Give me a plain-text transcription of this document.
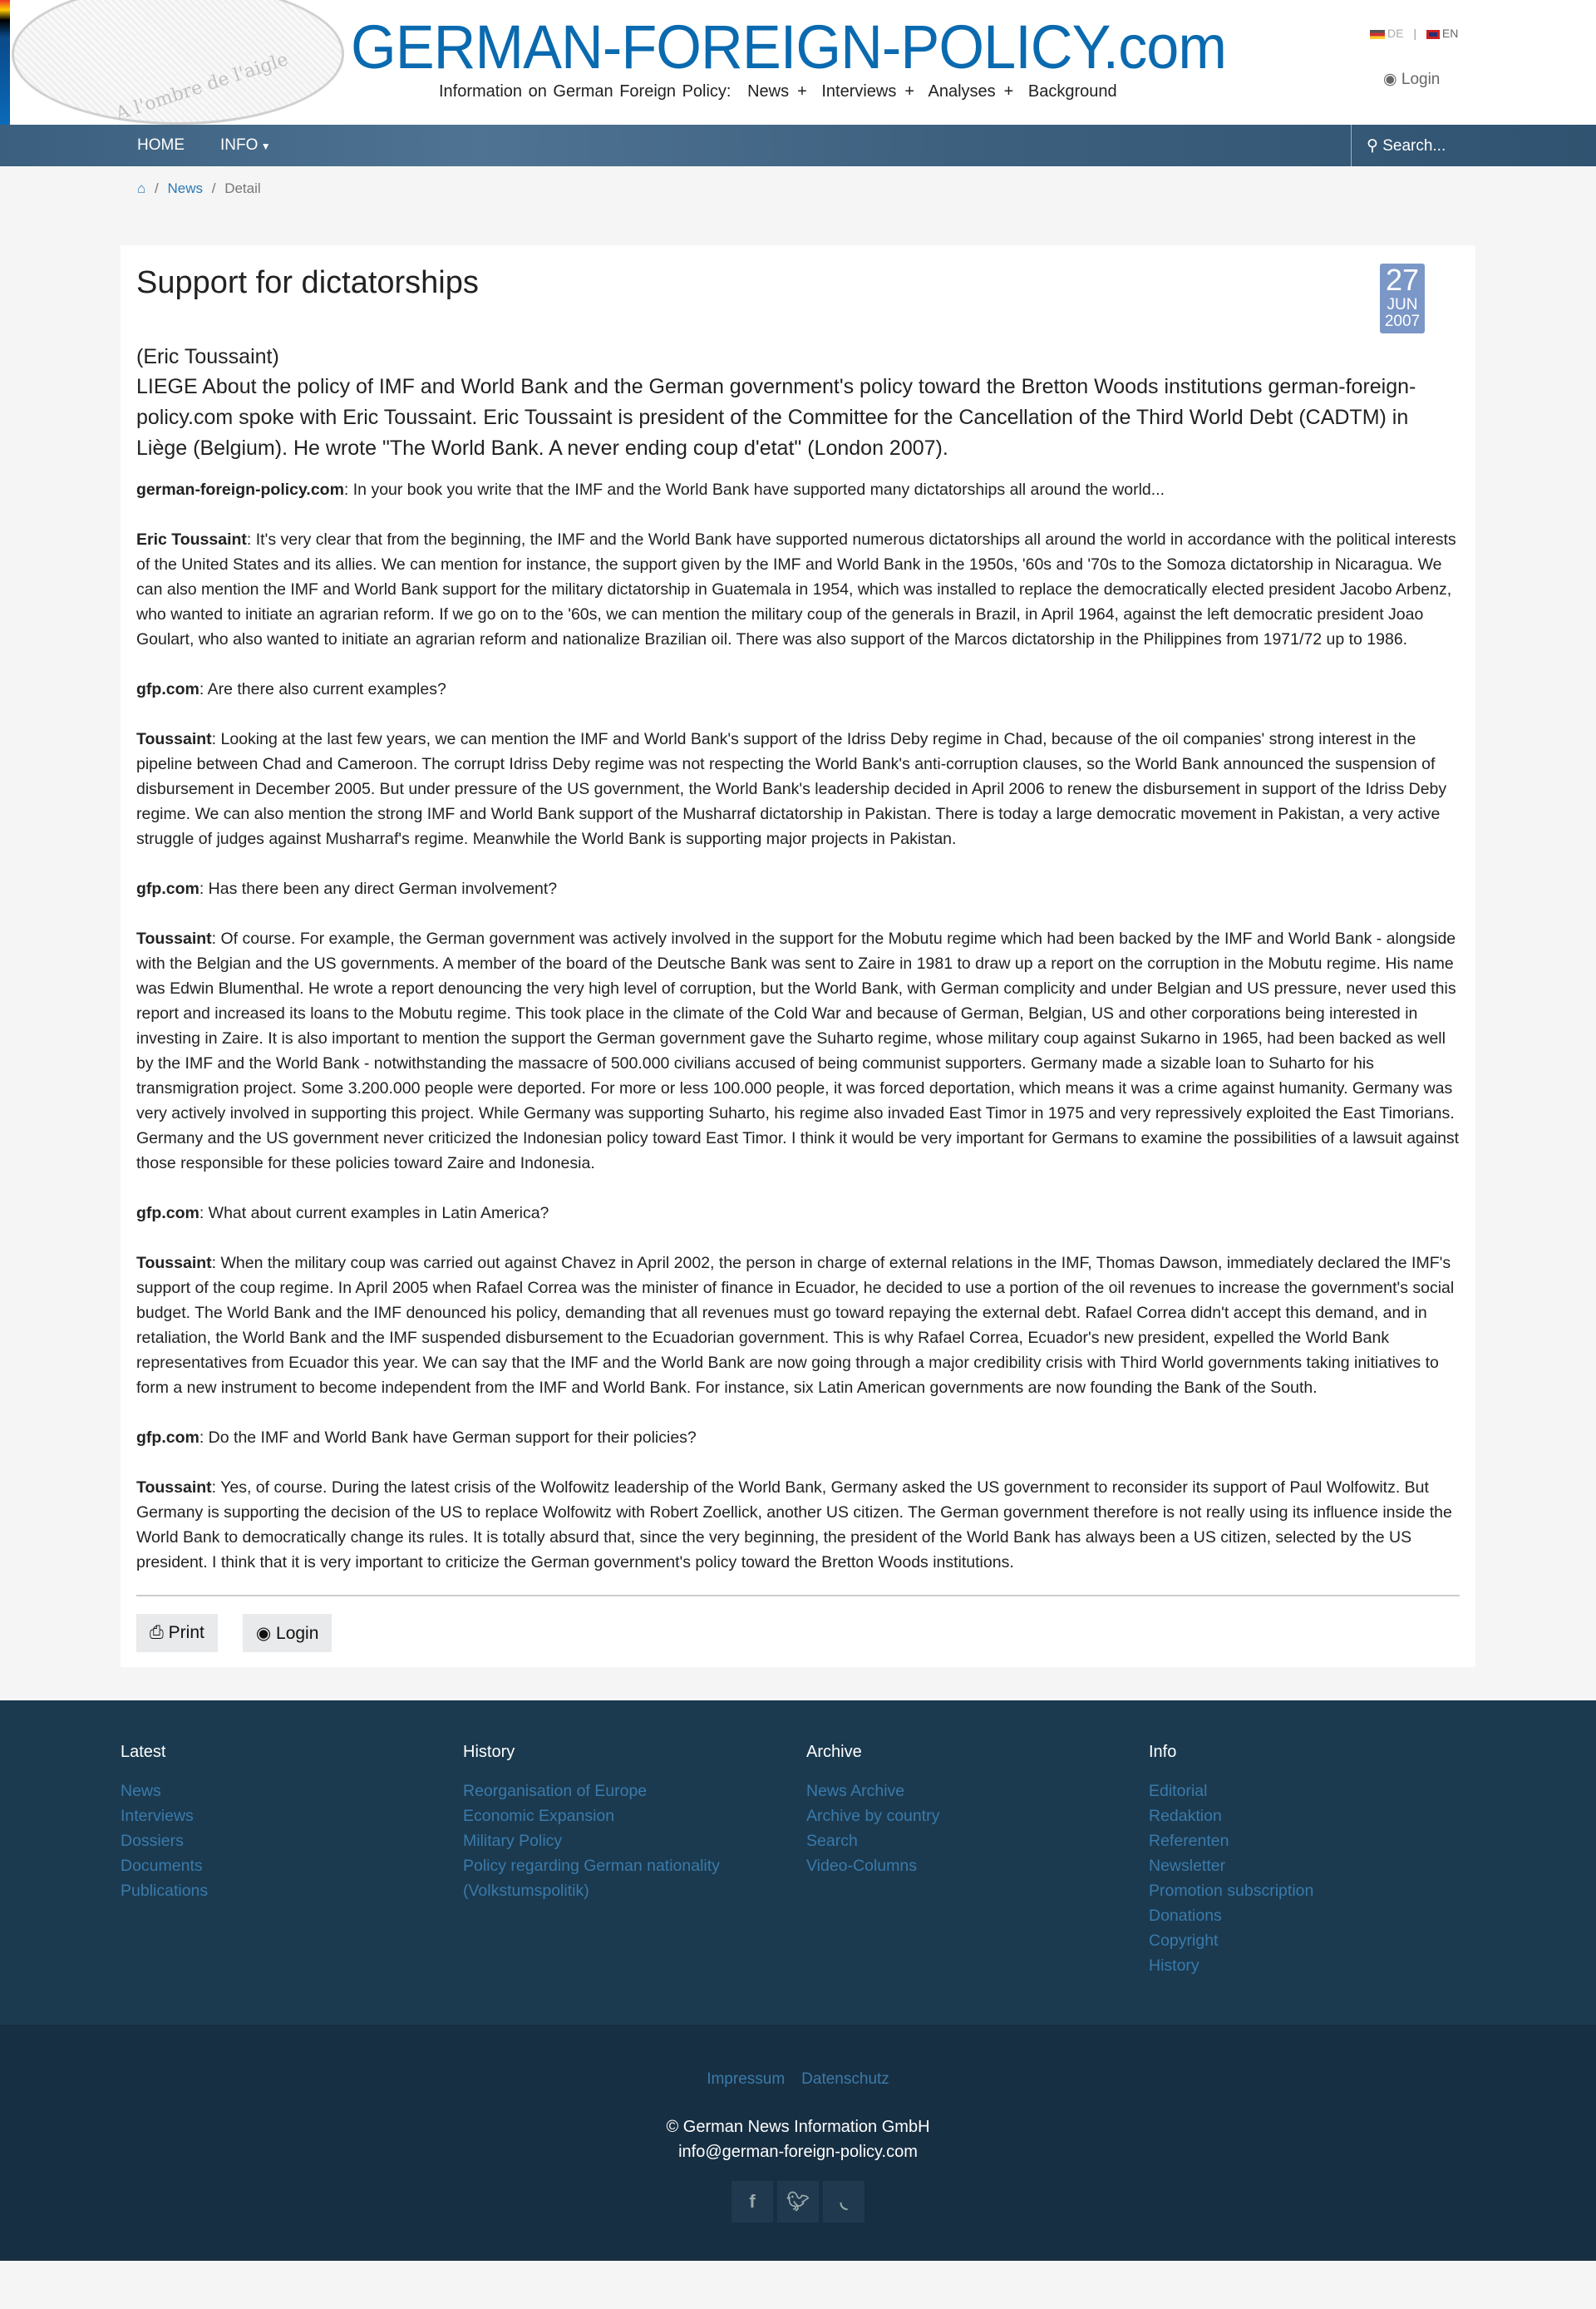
A l'ombre de l'aigle
GERMAN-FOREIGN-POLICY.com
Information on German Foreign Policy: News + Interviews + Analyses + Background
DE | EN
◉ Login
HOME INFO ▼	⚲ Search...
⌂ / News / Detail
Support for dictatorships	27
JUN
2007
(Eric Toussaint)
LIEGE About the policy of IMF and World Bank and the German government's policy toward the Bretton Woods institutions german-foreign-policy.com spoke with Eric Toussaint. Eric Toussaint is president of the Committee for the Cancellation of the Third World Debt (CADTM) in Liège (Belgium). He wrote "The World Bank. A never ending coup d'etat" (London 2007).

german-foreign-policy.com: In your book you write that the IMF and the World Bank have supported many dictatorships all around the world...

Eric Toussaint: It's very clear that from the beginning, the IMF and the World Bank have supported numerous dictatorships all around the world in accordance with the political interests of the United States and its allies. We can mention for instance, the support given by the IMF and World Bank in the 1950s, '60s and '70s to the Somoza dictatorship in Nicaragua. We can also mention the IMF and World Bank support for the military dictatorship in Guatemala in 1954, which was installed to replace the democratically elected president Jacobo Arbenz, who wanted to initiate an agrarian reform. If we go on to the '60s, we can mention the military coup of the generals in Brazil, in April 1964, against the left democratic president Joao Goulart, who also wanted to initiate an agrarian reform and nationalize Brazilian oil. There was also support of the Marcos dictatorship in the Philippines from 1971/72 up to 1986.

gfp.com: Are there also current examples?

Toussaint: Looking at the last few years, we can mention the IMF and World Bank's support of the Idriss Deby regime in Chad, because of the oil companies' strong interest in the pipeline between Chad and Cameroon. The corrupt Idriss Deby regime was not respecting the World Bank's anti-corruption clauses, so the World Bank announced the suspension of disbursement in December 2005. But under pressure of the US government, the World Bank's leadership decided in April 2006 to renew the disbursement in support of the Idriss Deby regime. We can also mention the strong IMF and World Bank support of the Musharraf dictatorship in Pakistan. There is today a large democratic movement in Pakistan, a very active struggle of judges against Musharraf's regime. Meanwhile the World Bank is supporting major projects in Pakistan.

gfp.com: Has there been any direct German involvement?

Toussaint: Of course. For example, the German government was actively involved in the support for the Mobutu regime which had been backed by the IMF and World Bank - alongside with the Belgian and the US governments. A member of the board of the Deutsche Bank was sent to Zaire in 1981 to draw up a report on the corruption in the Mobutu regime. His name was Edwin Blumenthal. He wrote a report denouncing the very high level of corruption, but the World Bank, with German complicity and under Belgian and US pressure, never used this report and increased its loans to the Mobutu regime. This took place in the climate of the Cold War and because of German, Belgian, US and other corporations being interested in investing in Zaire. It is also important to mention the support the German government gave the Suharto regime, whose military coup against Sukarno in 1965, had been backed as well by the IMF and the World Bank - notwithstanding the massacre of 500.000 civilians accused of being communist supporters. Germany made a sizable loan to Suharto for his transmigration project. Some 3.200.000 people were deported. For more or less 100.000 people, it was forced deportation, which means it was a crime against humanity. Germany was very actively involved in supporting this project. While Germany was supporting Suharto, his regime also invaded East Timor in 1975 and very repressively exploited the East Timorians. Germany and the US government never criticized the Indonesian policy toward East Timor. I think it would be very important for Germans to examine the possibilities of a lawsuit against those responsible for these policies toward Zaire and Indonesia.

gfp.com: What about current examples in Latin America?

Toussaint: When the military coup was carried out against Chavez in April 2002, the person in charge of external relations in the IMF, Thomas Dawson, immediately declared the IMF's support of the coup regime. In April 2005 when Rafael Correa was the minister of finance in Ecuador, he decided to use a portion of the oil revenues to increase the government's social budget. The World Bank and the IMF denounced his policy, demanding that all revenues must go toward repaying the external debt. Rafael Correa didn't accept this demand, and in retaliation, the World Bank and the IMF suspended disbursement to the Ecuadorian government. This is why Rafael Correa, Ecuador's new president, expelled the World Bank representatives from Ecuador this year. We can say that the IMF and the World Bank are now going through a major credibility crisis with Third World governments taking initiatives to form a new instrument to become independent from the IMF and World Bank. For instance, six Latin American governments are now founding the Bank of the South.

gfp.com: Do the IMF and World Bank have German support for their policies?

Toussaint: Yes, of course. During the latest crisis of the Wolfowitz leadership of the World Bank, Germany asked the US government to reconsider its support of Paul Wolfowitz. But Germany is supporting the decision of the US to replace Wolfowitz with Robert Zoellick, another US citizen. The German government therefore is not really using its influence inside the World Bank to democratically change its rules. It is totally absurd that, since the very beginning, the president of the World Bank has always been a US citizen, selected by the US president. I think that it is very important to criticize the German government's policy toward the Bretton Woods institutions.

⎙ Print	◉ Login
Latest
News
Interviews
Dossiers
Documents
Publications
History
Reorganisation of Europe
Economic Expansion
Military Policy
Policy regarding German nationality
(Volkstumspolitik)
Archive
News Archive
Archive by country
Search
Video-Columns
Info
Editorial
Redaktion
Referenten
Newsletter
Promotion subscription
Donations
Copyright
History
Impressum Datenschutz
© German News Information GmbH
info@german-foreign-policy.com
f	🐦︎	◟
